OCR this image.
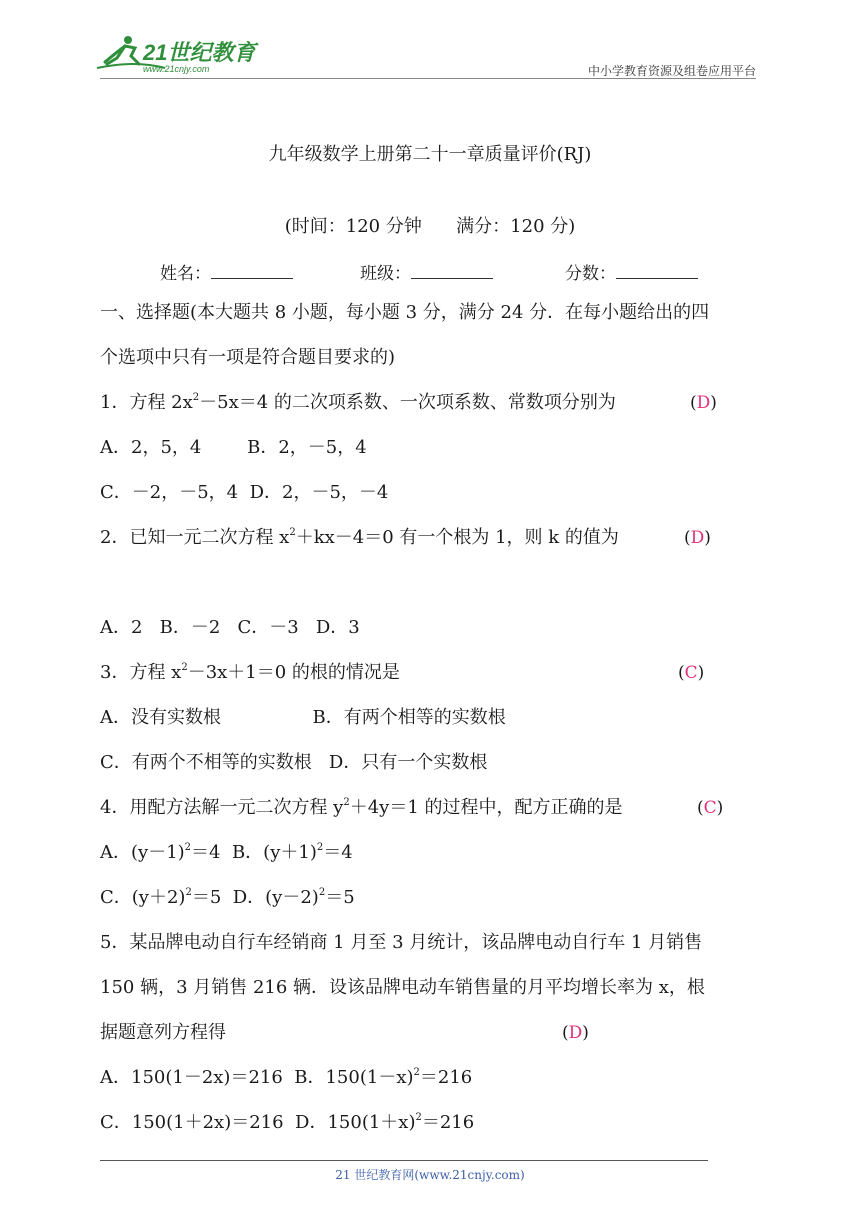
21世纪教育
www.21cnjy.com	中小学教育资源及组卷应用平台
九年级数学上册第二十一章质量评价(RJ)
(时间：120 分钟      满分：120 分)
姓名：	班级：	分数：
一、选择题(本大题共 8 小题，每小题 3 分，满分 24 分．在每小题给出的四
个选项中只有一项是符合题目要求的)
1．方程 $2x^2-5x=4$ 的二次项系数、一次项系数、常数项分别为	(D)
A．2，5，4        B．2，－5，4
C．－2，－5，4  D．2，－5，－4
2．已知一元二次方程 $x^2+kx-4=0$ 有一个根为 1，则 k 的值为	(D)
A．2   B．－2   C．－3   D．3
3．方程 $x^2-3x+1=0$ 的根的情况是	(C)
A．没有实数根                B．有两个相等的实数根
C．有两个不相等的实数根   D．只有一个实数根
4．用配方法解一元二次方程 $y^2+4y=1$ 的过程中，配方正确的是	(C)
A．$(y-1)^2=4$  B．$(y+1)^2=4$
C．$(y+2)^2=5$  D．$(y-2)^2=5$
5．某品牌电动自行车经销商 1 月至 3 月统计，该品牌电动自行车 1 月销售
150 辆，3 月销售 216 辆．设该品牌电动车销售量的月平均增长率为 x，根
据题意列方程得	(D)
A．150(1－2x)＝216  B．$150(1-x)^2=216$
C．150(1＋2x)＝216  D．$150(1+x)^2=216$
21 世纪教育网(www.21cnjy.com)
